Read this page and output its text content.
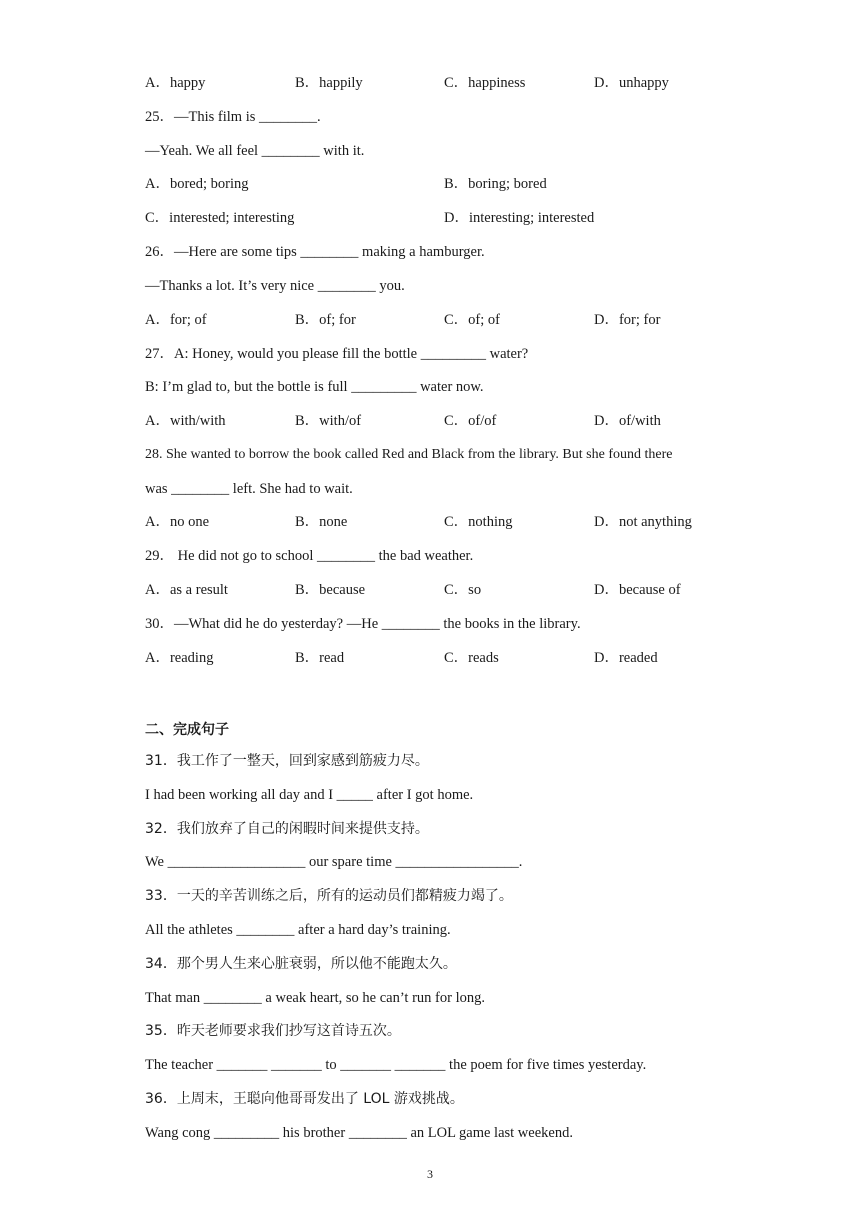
A．happy	B．happily	C．happiness	D．unhappy
25．—This film is ________.
—Yeah. We all feel ________ with it.
A．bored; boring	B．boring; bored
C．interested; interesting	D．interesting; interested
26．—Here are some tips ________ making a hamburger.
—Thanks a lot. It’s very nice ________ you.
A．for; of	B．of; for	C．of; of	D．for; for
27．A: Honey, would you please fill the bottle _________ water?
B: I’m glad to, but the bottle is full _________ water now.
A．with/with	B．with/of	C．of/of	D．of/with
28. She wanted to borrow the book called Red and Black from the library. But she found there
was ________ left. She had to wait.
A．no one	B．none	C．nothing	D．not anything
29． He did not go to school ________ the bad weather.
A．as a result	B．because	C．so	D．because of
30．—What did he do yesterday? —He ________ the books in the library.
A．reading	B．read	C．reads	D．readed
二、完成句子
31．我工作了一整天，回到家感到筋疲力尽。
I had been working all day and I _____ after I got home.
32．我们放弃了自己的闲暇时间来提供支持。
We ___________________ our spare time _________________.
33．一天的辛苦训练之后，所有的运动员们都精疲力竭了。
All the athletes ________ after a hard day’s training.
34．那个男人生来心脏衰弱，所以他不能跑太久。
That man ________ a weak heart, so he can’t run for long.
35．昨天老师要求我们抄写这首诗五次。
The teacher _______ _______ to _______ _______ the poem for five times yesterday.
36．上周末，王聪向他哥哥发出了 LOL 游戏挑战。
Wang cong _________ his brother ________ an LOL game last weekend.
3
